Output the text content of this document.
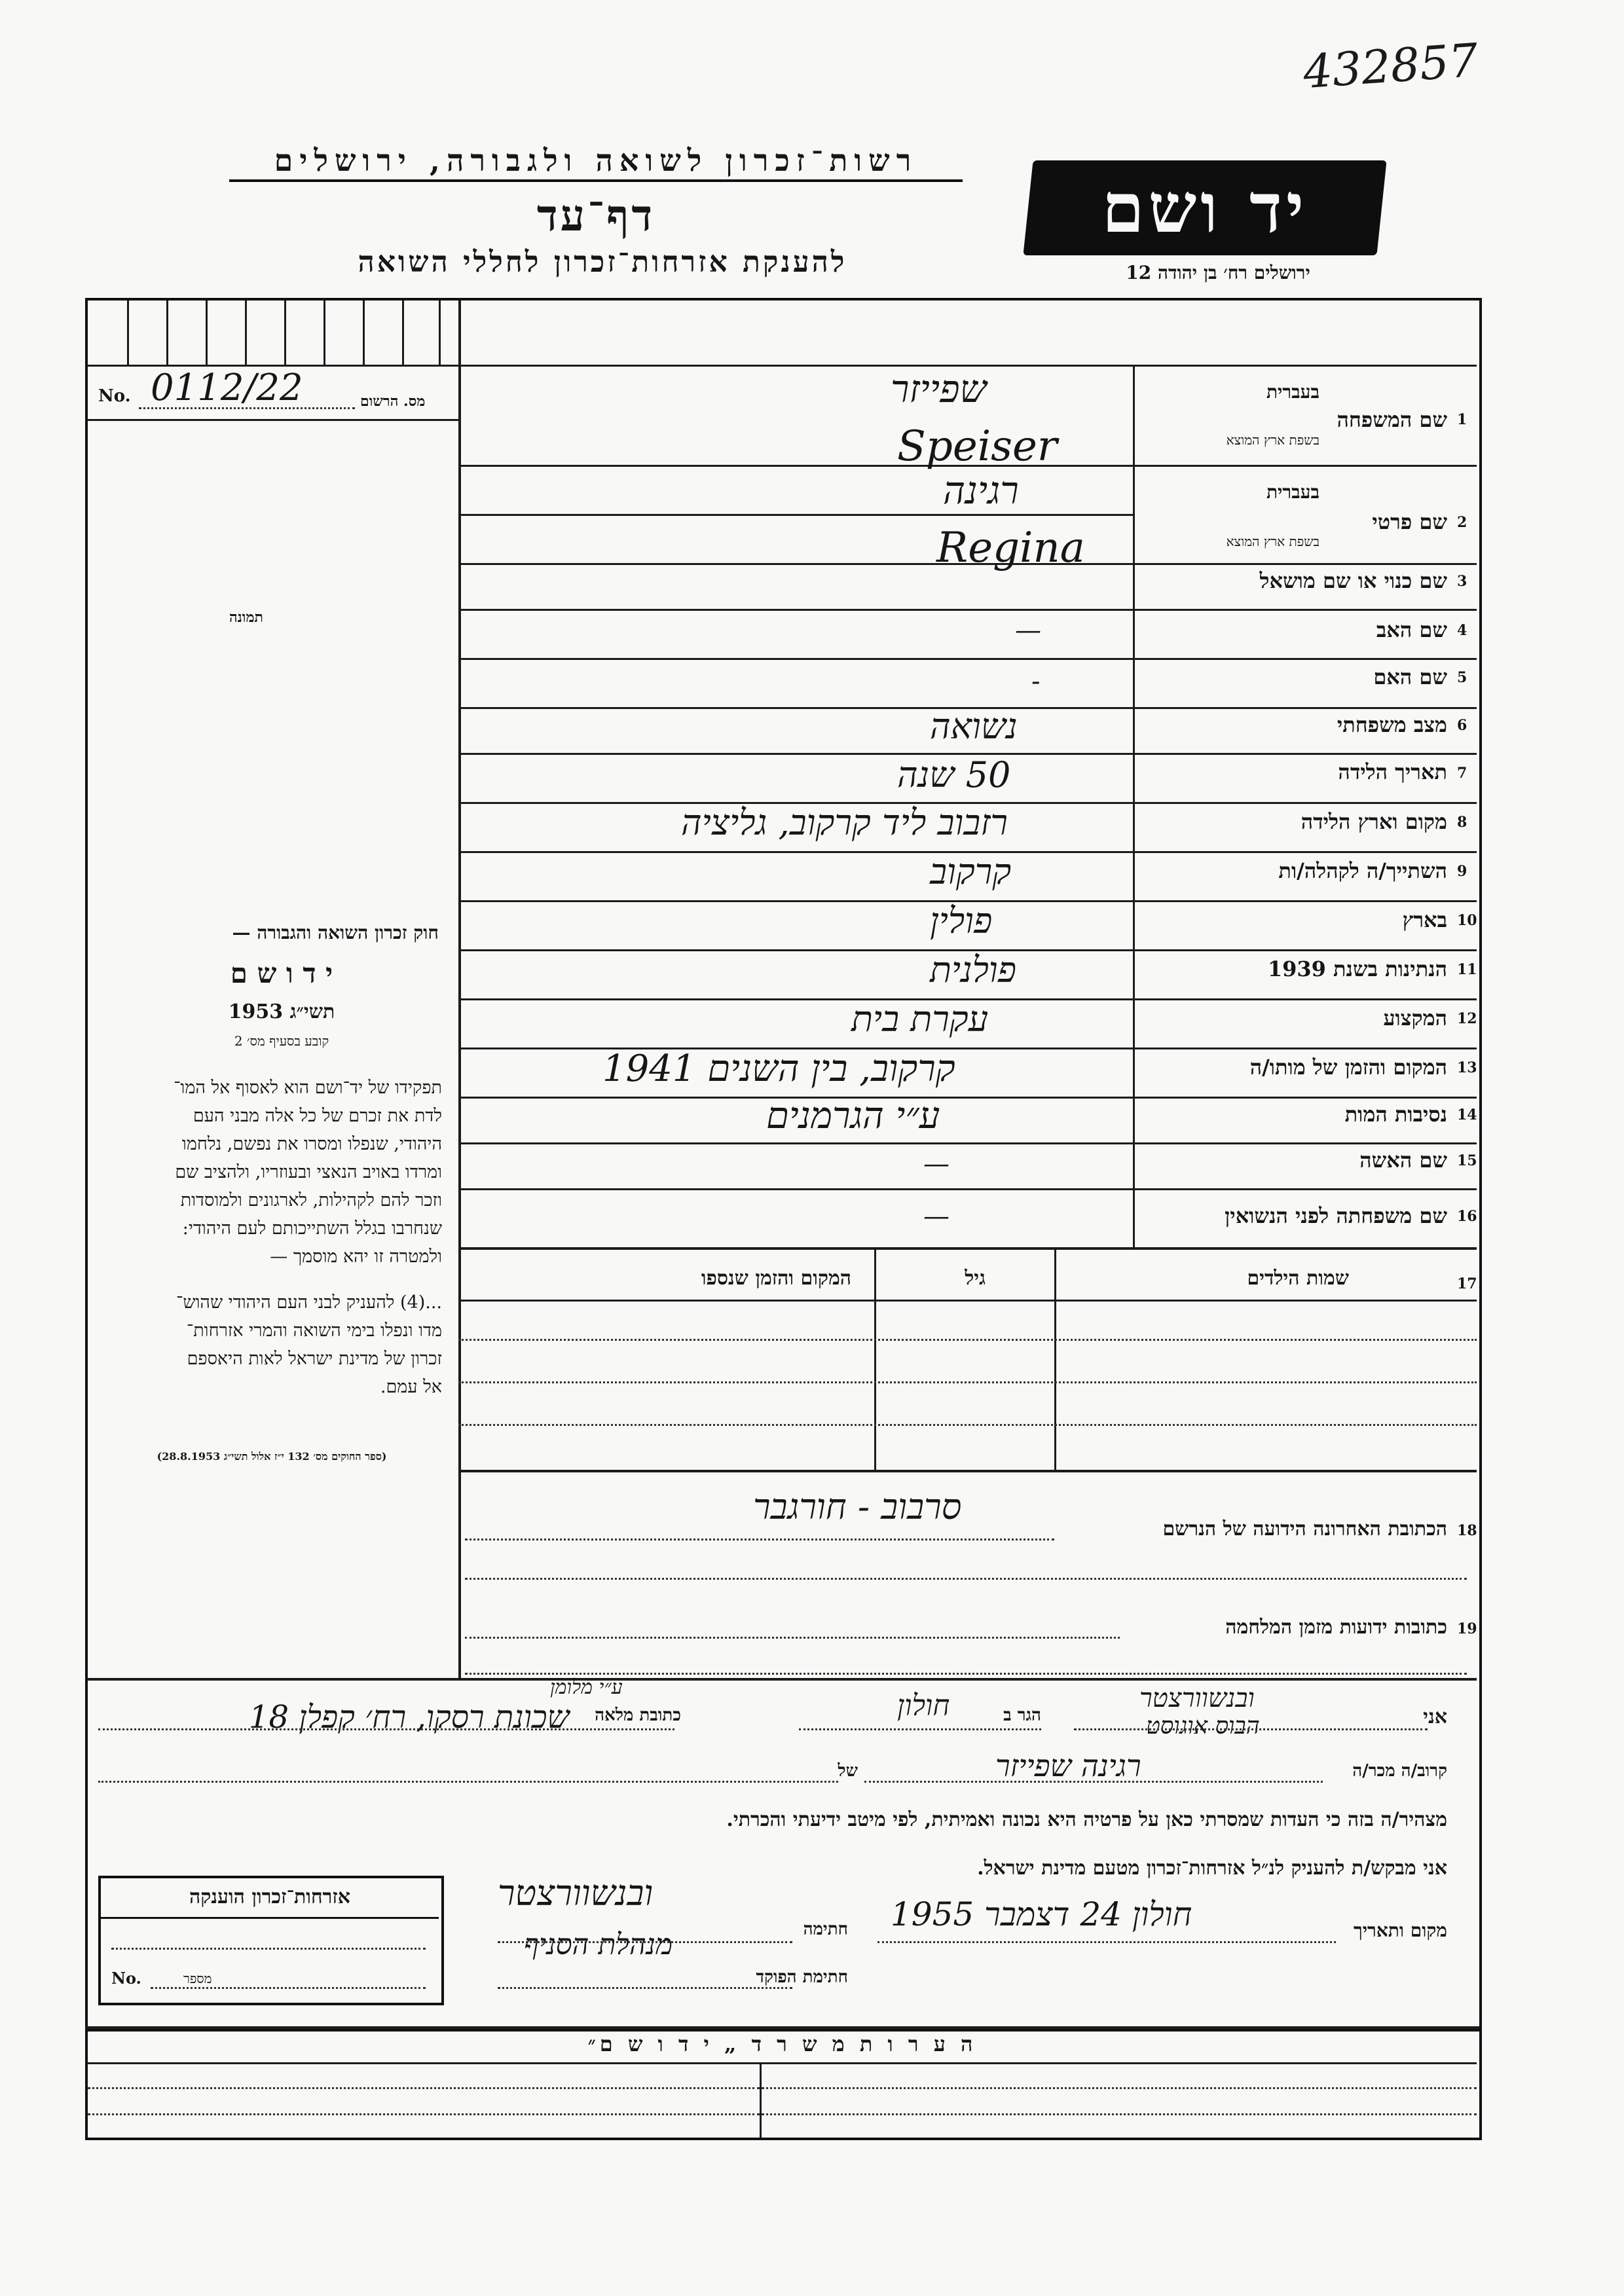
432857
רשות־זכרון לשואה ולגבורה, ירושלים
דף־עד
להענקת אזרחות־זכרון לחללי השואה
יד ושם
ירושלים רח׳ בן יהודה 12
No. 0112/22	מס. הרשום
תמונה
חוק זכרון השואה והגבורה —
י ד ו ש ם
תשי״ג 1953
קובע בסעיף מס׳ 2
תפקידו של יד־ושם הוא לאסוף אל המו־
לדת את זכרם של כל אלה מבני העם
היהודי, שנפלו ומסרו את נפשם, נלחמו
ומרדו באויב הנאצי ובעוזריו, ולהציב שם
וזכר להם לקהילות, לארגונים ולמוסדות
שנחרבו בגלל השתייכותם לעם היהודי:
ולמטרה זו יהא מוסמך —
...(4) להעניק לבני העם היהודי שהוש־
מדו ונפלו בימי השואה והמרי אזרחות־
זכרון של מדינת ישראל לאות היאספם
אל עמם.
(ספר החוקים מס׳ 132 י״ז אלול תשי״ג 28.8.1953)
1
שם המשפחה
בעברית
בשפת ארץ המוצא
שפייזר
Speiser
2
שם פרטי
בעברית
בשפת ארץ המוצא
רגינה
Regina
3
שם כנוי או שם מושאל
4
שם האב
—
5
שם האם
-
6
מצב משפחתי
נשואה
7
תאריך הלידה
50 שנה
8
מקום וארץ הלידה
רזבוב ליד קרקוב, גליציה
9
השתייך/ה לקהלה/ות
קרקוב
10
בארץ
פולין
11
הנתינות בשנת 1939
פולנית
12
המקצוע
עקרת בית
13
המקום והזמן של מותו/ה
קרקוב, בין השנים 1941
14
נסיבות המות
ע״י הגרמנים
15
שם האשה
—
16
שם משפחתה לפני הנשואין
—
17
שמות הילדים
גיל
המקום והזמן שנספו
18
הכתובת האחרונה הידועה של הנרשם
סרבוב - חורגבר
19
כתובות ידועות מזמן המלחמה
אני
ובנשוורצטר
הבוס אוגוסט
הגר ב
חולון
כתובת מלאה
שכונת רסקו, רח׳ קפלן 18
ע״י מלומן
קרוב/ה מכר/ה
רגינה שפייזר
של
מצהיר/ה בזה כי העדות שמסרתי כאן על פרטיה היא נכונה ואמיתית, לפי מיטב ידיעתי והכרתי.
אני מבקש/ת להעניק לנ״ל אזרחות־זכרון מטעם מדינת ישראל.
מקום ותאריך
חולון 24 דצמבר 1955
חתימה
ובנשוורצטר
חתימת הפוקד
מנהלת הסניף
אזרחות־זכרון הוענקה
No.	מספר
ה ע ר ו ת מ ש ר ד „ י ד ו ש ם״
